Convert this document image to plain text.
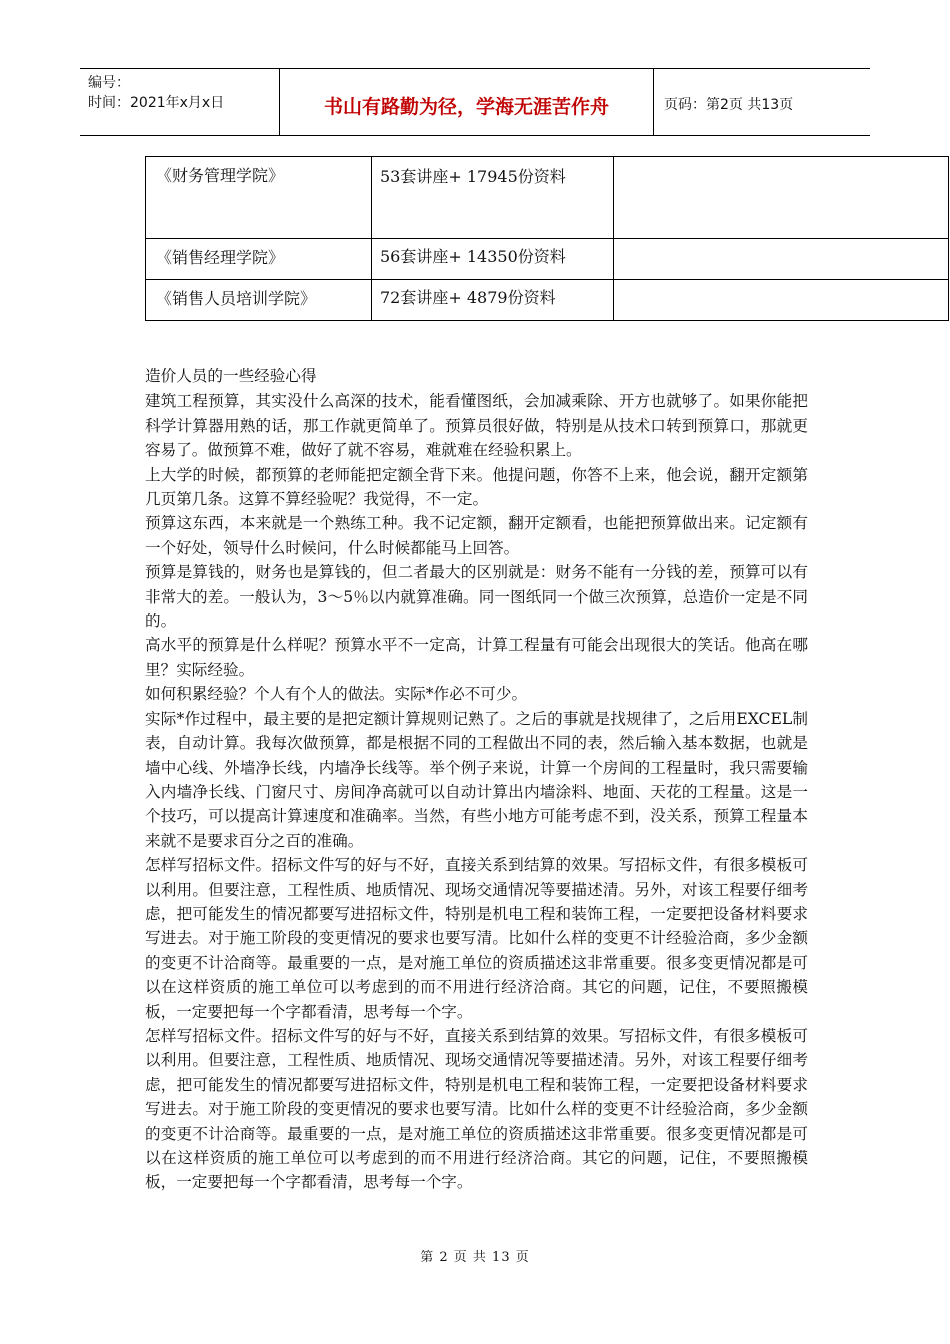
编号：
时间：2021年x月x日	书山有路勤为径，学海无涯苦作舟	页码：第2页 共13页
《财务管理学院》	53套讲座+ 17945份资料	
《销售经理学院》	56套讲座+ 14350份资料	
《销售人员培训学院》	72套讲座+ 4879份资料	
造价人员的一些经验心得

建筑工程预算，其实没什么高深的技术，能看懂图纸，会加减乘除、开方也就够了。如果你能把科学计算器用熟的话，那工作就更简单了。预算员很好做，特别是从技术口转到预算口，那就更容易了。做预算不难，做好了就不容易，难就难在经验积累上。

上大学的时候，都预算的老师能把定额全背下来。他提问题，你答不上来，他会说，翻开定额第几页第几条。这算不算经验呢？我觉得，不一定。

预算这东西，本来就是一个熟练工种。我不记定额，翻开定额看，也能把预算做出来。记定额有一个好处，领导什么时候问，什么时候都能马上回答。

预算是算钱的，财务也是算钱的，但二者最大的区别就是：财务不能有一分钱的差，预算可以有非常大的差。一般认为，3～5％以内就算准确。同一图纸同一个做三次预算，总造价一定是不同的。

高水平的预算是什么样呢？预算水平不一定高，计算工程量有可能会出现很大的笑话。他高在哪里？实际经验。

如何积累经验？个人有个人的做法。实际*作必不可少。

实际*作过程中，最主要的是把定额计算规则记熟了。之后的事就是找规律了，之后用EXCEL制表，自动计算。我每次做预算，都是根据不同的工程做出不同的表，然后输入基本数据，也就是墙中心线、外墙净长线，内墙净长线等。举个例子来说，计算一个房间的工程量时，我只需要输入内墙净长线、门窗尺寸、房间净高就可以自动计算出内墙涂料、地面、天花的工程量。这是一个技巧，可以提高计算速度和准确率。当然，有些小地方可能考虑不到，没关系，预算工程量本来就不是要求百分之百的准确。

怎样写招标文件。招标文件写的好与不好，直接关系到结算的效果。写招标文件，有很多模板可以利用。但要注意，工程性质、地质情况、现场交通情况等要描述清。另外，对该工程要仔细考虑，把可能发生的情况都要写进招标文件，特别是机电工程和装饰工程，一定要把设备材料要求写进去。对于施工阶段的变更情况的要求也要写清。比如什么样的变更不计经验洽商，多少金额的变更不计洽商等。最重要的一点，是对施工单位的资质描述这非常重要。很多变更情况都是可以在这样资质的施工单位可以考虑到的而不用进行经济洽商。其它的问题，记住，不要照搬模板，一定要把每一个字都看清，思考每一个字。

怎样写招标文件。招标文件写的好与不好，直接关系到结算的效果。写招标文件，有很多模板可以利用。但要注意，工程性质、地质情况、现场交通情况等要描述清。另外，对该工程要仔细考虑，把可能发生的情况都要写进招标文件，特别是机电工程和装饰工程，一定要把设备材料要求写进去。对于施工阶段的变更情况的要求也要写清。比如什么样的变更不计经验洽商，多少金额的变更不计洽商等。最重要的一点，是对施工单位的资质描述这非常重要。很多变更情况都是可以在这样资质的施工单位可以考虑到的而不用进行经济洽商。其它的问题，记住，不要照搬模板，一定要把每一个字都看清，思考每一个字。

第 2 页 共 13 页
